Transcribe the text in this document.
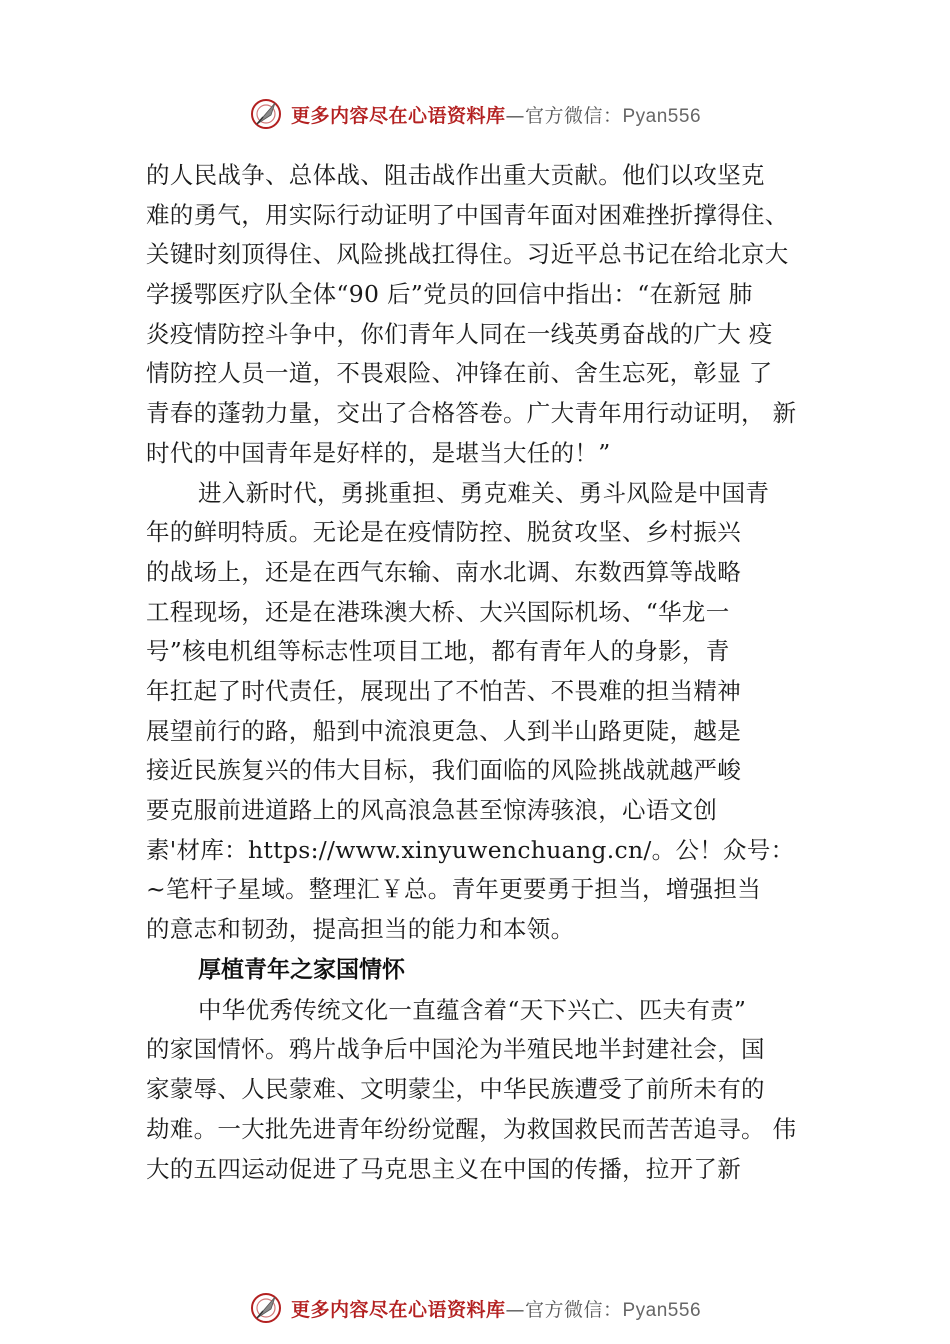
更多内容尽在心语资料库—官方微信：Pyan556
的人民战争、总体战、阻击战作出重大贡献。他们以攻坚克
难的勇气，用实际行动证明了中国青年面对困难挫折撑得住、
关键时刻顶得住、风险挑战扛得住。习近平总书记在给北京大
学援鄂医疗队全体“90 后”党员的回信中指出：“在新冠 肺
炎疫情防控斗争中，你们青年人同在一线英勇奋战的广大 疫
情防控人员一道，不畏艰险、冲锋在前、舍生忘死，彰显 了
青春的蓬勃力量，交出了合格答卷。广大青年用行动证明， 新
时代的中国青年是好样的，是堪当大任的！”
进入新时代，勇挑重担、勇克难关、勇斗风险是中国青
年的鲜明特质。无论是在疫情防控、脱贫攻坚、乡村振兴
的战场上，还是在西气东输、南水北调、东数西算等战略
工程现场，还是在港珠澳大桥、大兴国际机场、“华龙一
号”核电机组等标志性项目工地，都有青年人的身影，青
年扛起了时代责任，展现出了不怕苦、不畏难的担当精神
展望前行的路，船到中流浪更急、人到半山路更陡，越是
接近民族复兴的伟大目标，我们面临的风险挑战就越严峻
要克服前进道路上的风高浪急甚至惊涛骇浪，心语文创
素'材库：https://www.xinyuwenchuang.cn/。公！众号：
~笔杆子星域。整理汇￥总。青年更要勇于担当，增强担当
的意志和韧劲，提高担当的能力和本领。
厚植青年之家国情怀
中华优秀传统文化一直蕴含着“天下兴亡、匹夫有责”
的家国情怀。鸦片战争后中国沦为半殖民地半封建社会，国
家蒙辱、人民蒙难、文明蒙尘，中华民族遭受了前所未有的
劫难。一大批先进青年纷纷觉醒，为救国救民而苦苦追寻。 伟
大的五四运动促进了马克思主义在中国的传播，拉开了新
更多内容尽在心语资料库—官方微信：Pyan556
